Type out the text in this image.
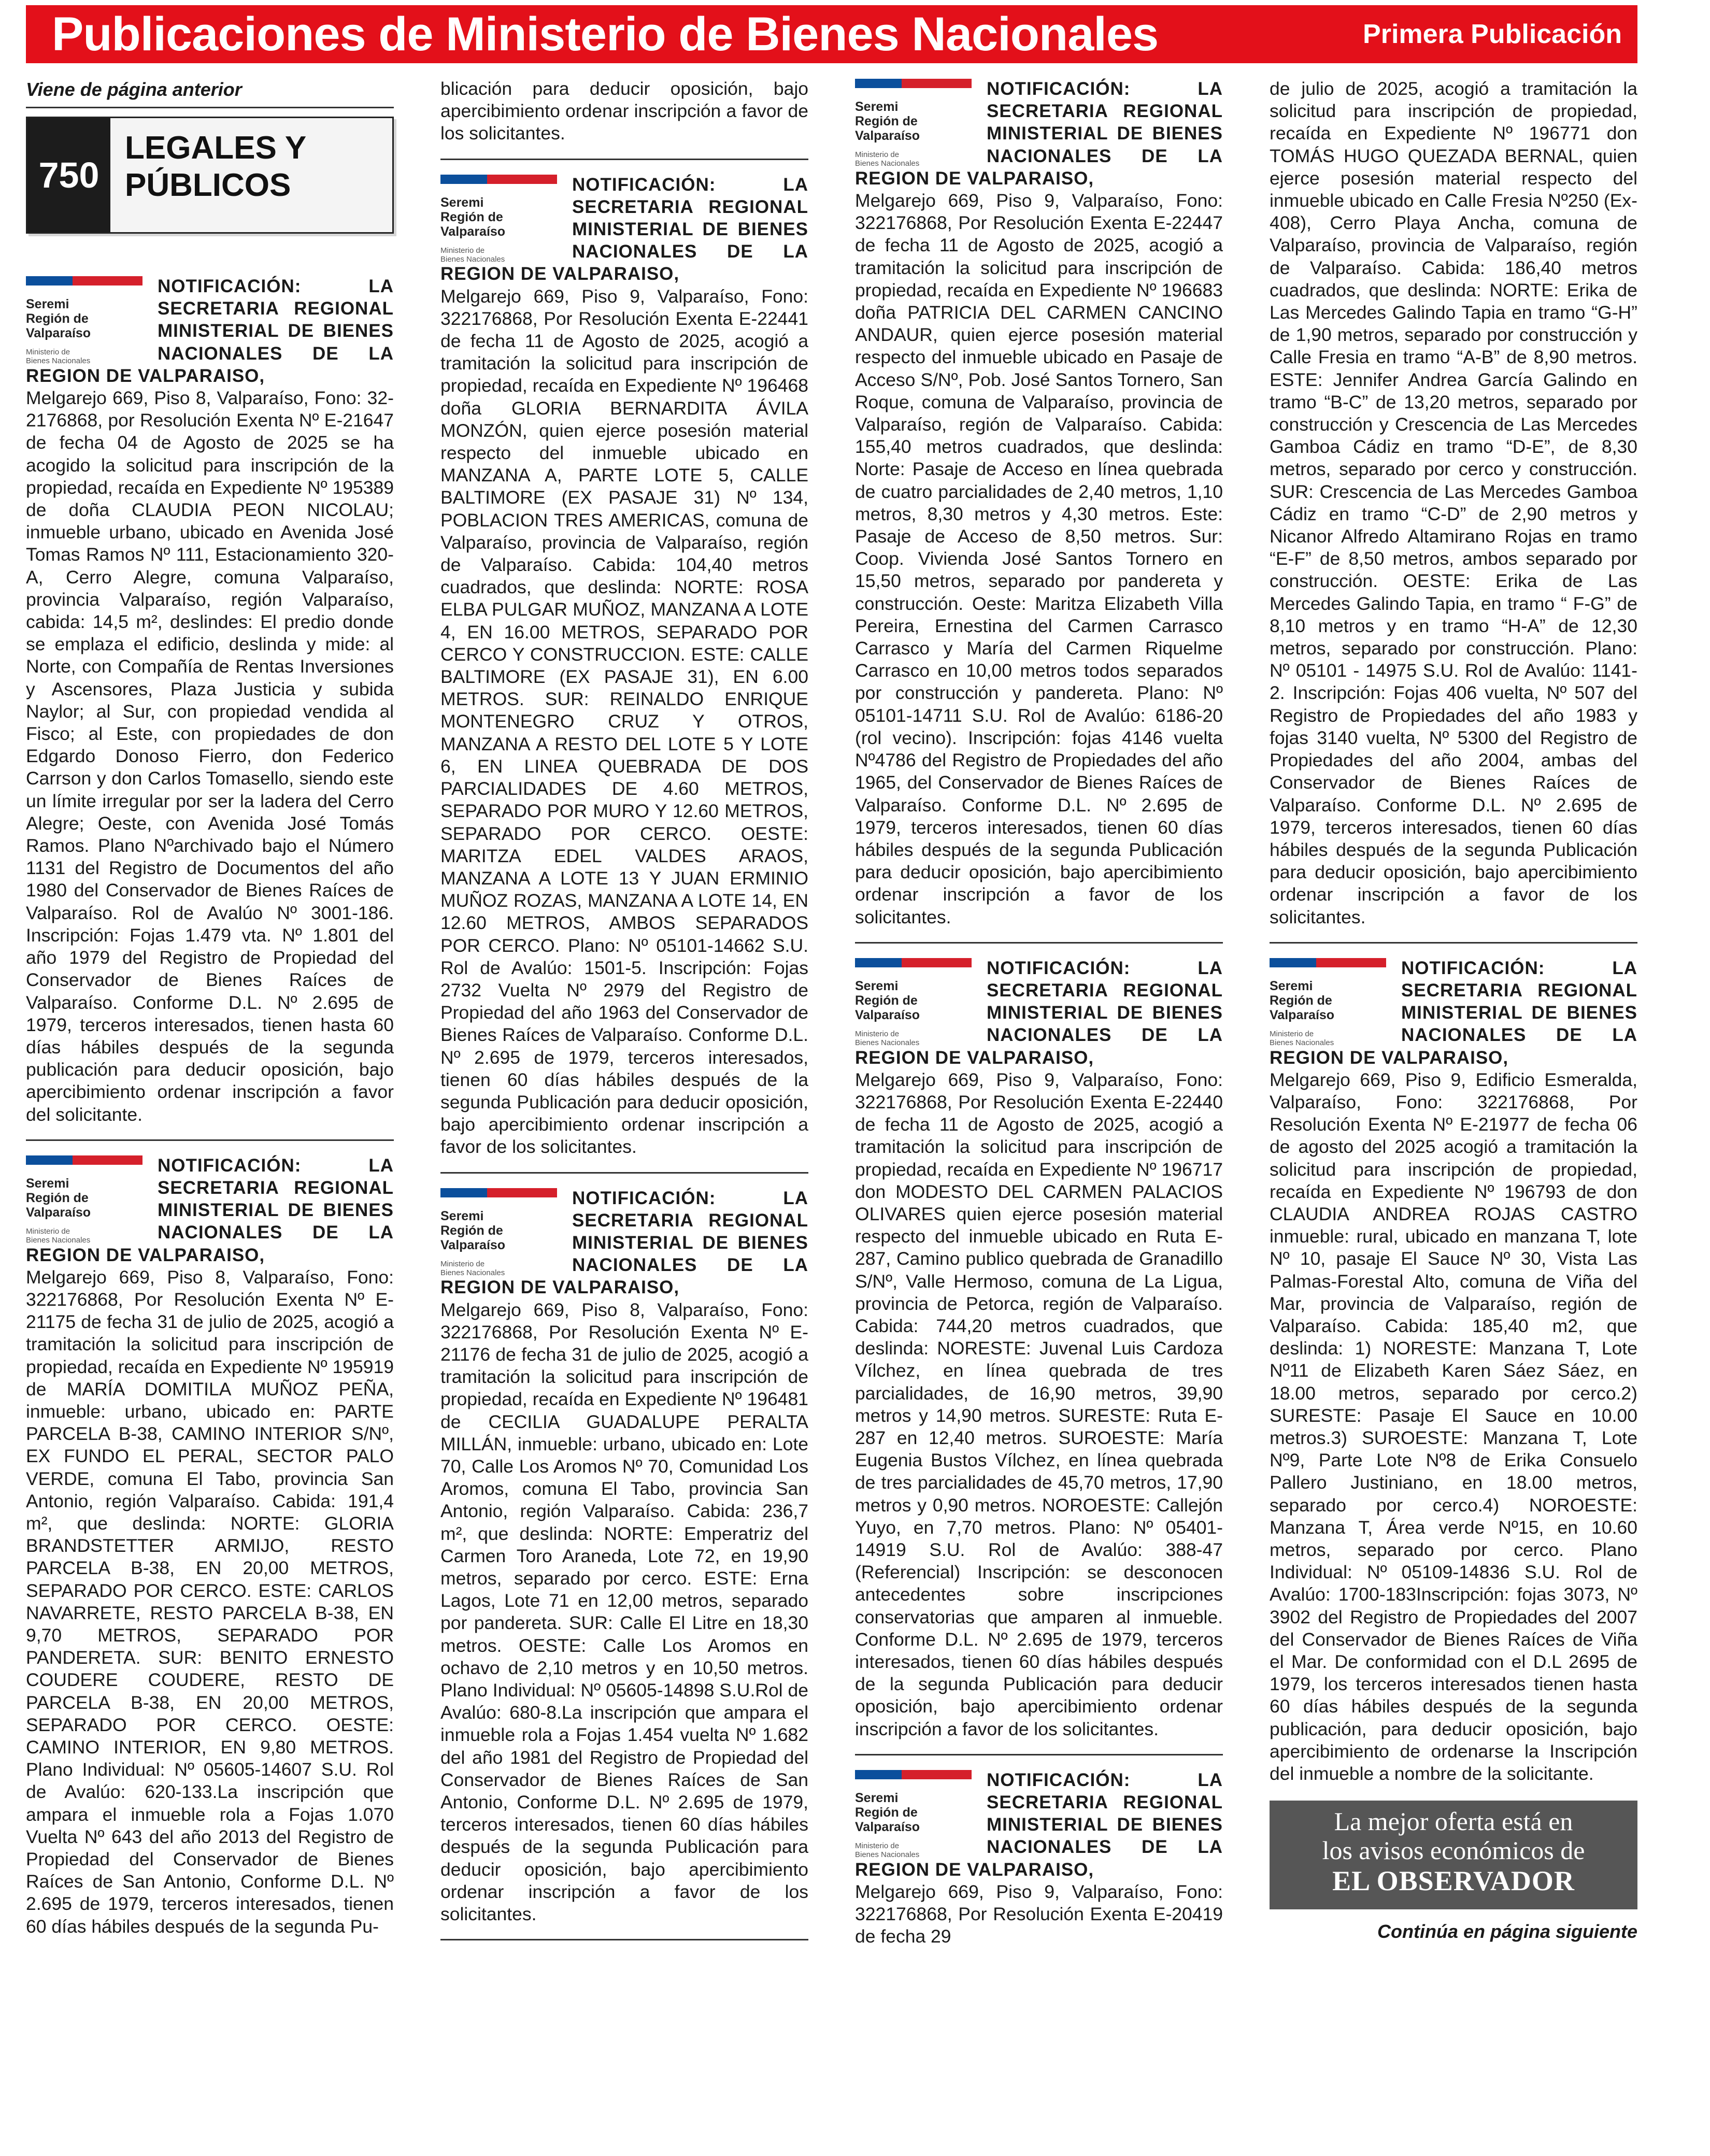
Publicaciones de Ministerio de Bienes Nacionales	Primera Publicación
Viene de página anterior
750
LEGALES Y PÚBLICOS
Seremi
Región de
Valparaíso
Ministerio de
Bienes Nacionales

NOTIFICACIÓN: LA SECRETARIA REGIONAL MINISTERIAL DE BIENES NACIONALES DE LA REGION DE VALPARAISO,

Melgarejo 669, Piso 8, Valparaíso, Fono: 32-2176868, por Resolución Exenta Nº E-21647 de fecha 04 de Agosto de 2025 se ha acogido la solicitud para inscripción de la propiedad, recaída en Expediente Nº 195389 de doña CLAUDIA PEON NICOLAU; inmueble urbano, ubicado en Avenida José Tomas Ramos Nº 111, Estacionamiento 320-A, Cerro Alegre, comuna Valparaíso, provincia Valparaíso, región Valparaíso, cabida: 14,5 m², deslindes: El predio donde se emplaza el edificio, deslinda y mide: al Norte, con Compañía de Rentas Inversiones y Ascensores, Plaza Justicia y subida Naylor; al Sur, con propiedad vendida al Fisco; al Este, con propiedades de don Edgardo Donoso Fierro, don Federico Carrson y don Carlos Tomasello, siendo este un límite irregular por ser la ladera del Cerro Alegre; Oeste, con Avenida José Tomás Ramos. Plano Nºarchivado bajo el Número 1131 del Registro de Documentos del año 1980 del Conservador de Bienes Raíces de Valparaíso. Rol de Avalúo Nº 3001-186. Inscripción: Fojas 1.479 vta. Nº 1.801 del año 1979 del Registro de Propiedad del Conservador de Bienes Raíces de Valparaíso. Conforme D.L. Nº 2.695 de 1979, terceros interesados, tienen hasta 60 días hábiles después de la segunda publicación para deducir oposición, bajo apercibimiento ordenar inscripción a favor del solicitante.

Seremi
Región de
Valparaíso
Ministerio de
Bienes Nacionales

NOTIFICACIÓN: LA SECRETARIA REGIONAL MINISTERIAL DE BIENES NACIONALES DE LA REGION DE VALPARAISO,

Melgarejo 669, Piso 8, Valparaíso, Fono: 322176868, Por Resolución Exenta Nº E-21175 de fecha 31 de julio de 2025, acogió a tramitación la solicitud para inscripción de propiedad, recaída en Expediente Nº 195919 de MARÍA DOMITILA MUÑOZ PEÑA, inmueble: urbano, ubicado en: PARTE PARCELA B-38, CAMINO INTERIOR S/Nº, EX FUNDO EL PERAL, SECTOR PALO VERDE, comuna El Tabo, provincia San Antonio, región Valparaíso. Cabida: 191,4 m², que deslinda: NORTE: GLORIA BRANDSTETTER ARMIJO, RESTO PARCELA B-38, EN 20,00 METROS, SEPARADO POR CERCO. ESTE: CARLOS NAVARRETE, RESTO PARCELA B-38, EN 9,70 METROS, SEPARADO POR PANDERETA. SUR: BENITO ERNESTO COUDERE COUDERE, RESTO DE PARCELA B-38, EN 20,00 METROS, SEPARADO POR CERCO. OESTE: CAMINO INTERIOR, EN 9,80 METROS. Plano Individual: Nº 05605-14607 S.U. Rol de Avalúo: 620-133.La inscripción que ampara el inmueble rola a Fojas 1.070 Vuelta Nº 643 del año 2013 del Registro de Propiedad del Conservador de Bienes Raíces de San Antonio, Conforme D.L. Nº 2.695 de 1979, terceros interesados, tienen 60 días hábiles después de la segunda Pu-

blicación para deducir oposición, bajo apercibimiento ordenar inscripción a favor de los solicitantes.

Seremi
Región de
Valparaíso
Ministerio de
Bienes Nacionales

NOTIFICACIÓN: LA SECRETARIA REGIONAL MINISTERIAL DE BIENES NACIONALES DE LA REGION DE VALPARAISO,

Melgarejo 669, Piso 9, Valparaíso, Fono: 322176868, Por Resolución Exenta E-22441 de fecha 11 de Agosto de 2025, acogió a tramitación la solicitud para inscripción de propiedad, recaída en Expediente Nº 196468 doña GLORIA BERNARDITA ÁVILA MONZÓN, quien ejerce posesión material respecto del inmueble ubicado en MANZANA A, PARTE LOTE 5, CALLE BALTIMORE (EX PASAJE 31) Nº 134, POBLACION TRES AMERICAS, comuna de Valparaíso, provincia de Valparaíso, región de Valparaíso. Cabida: 104,40 metros cuadrados, que deslinda: NORTE: ROSA ELBA PULGAR MUÑOZ, MANZANA A LOTE 4, EN 16.00 METROS, SEPARADO POR CERCO Y CONSTRUCCION. ESTE: CALLE BALTIMORE (EX PASAJE 31), EN 6.00 METROS. SUR: REINALDO ENRIQUE MONTENEGRO CRUZ Y OTROS, MANZANA A RESTO DEL LOTE 5 Y LOTE 6, EN LINEA QUEBRADA DE DOS PARCIALIDADES DE 4.60 METROS, SEPARADO POR MURO Y 12.60 METROS, SEPARADO POR CERCO. OESTE: MARITZA EDEL VALDES ARAOS, MANZANA A LOTE 13 Y JUAN ERMINIO MUÑOZ ROZAS, MANZANA A LOTE 14, EN 12.60 METROS, AMBOS SEPARADOS POR CERCO. Plano: Nº 05101-14662 S.U. Rol de Avalúo: 1501-5. Inscripción: Fojas 2732 Vuelta Nº 2979 del Registro de Propiedad del año 1963 del Conservador de Bienes Raíces de Valparaíso. Conforme D.L. Nº 2.695 de 1979, terceros interesados, tienen 60 días hábiles después de la segunda Publicación para deducir oposición, bajo apercibimiento ordenar inscripción a favor de los solicitantes.

Seremi
Región de
Valparaíso
Ministerio de
Bienes Nacionales

NOTIFICACIÓN: LA SECRETARIA REGIONAL MINISTERIAL DE BIENES NACIONALES DE LA REGION DE VALPARAISO,

Melgarejo 669, Piso 8, Valparaíso, Fono: 322176868, Por Resolución Exenta Nº E-21176 de fecha 31 de julio de 2025, acogió a tramitación la solicitud para inscripción de propiedad, recaída en Expediente Nº 196481 de CECILIA GUADALUPE PERALTA MILLÁN, inmueble: urbano, ubicado en: Lote 70, Calle Los Aromos Nº 70, Comunidad Los Aromos, comuna El Tabo, provincia San Antonio, región Valparaíso. Cabida: 236,7 m², que deslinda: NORTE: Emperatriz del Carmen Toro Araneda, Lote 72, en 19,90 metros, separado por cerco. ESTE: Erna Lagos, Lote 71 en 12,00 metros, separado por pandereta. SUR: Calle El Litre en 18,30 metros. OESTE: Calle Los Aromos en ochavo de 2,10 metros y en 10,50 metros. Plano Individual: Nº 05605-14898 S.U.Rol de Avalúo: 680-8.La inscripción que ampara el inmueble rola a Fojas 1.454 vuelta Nº 1.682 del año 1981 del Registro de Propiedad del Conservador de Bienes Raíces de San Antonio, Conforme D.L. Nº 2.695 de 1979, terceros interesados, tienen 60 días hábiles después de la segunda Publicación para deducir oposición, bajo apercibimiento ordenar inscripción a favor de los solicitantes.

Seremi
Región de
Valparaíso
Ministerio de
Bienes Nacionales

NOTIFICACIÓN: LA SECRETARIA REGIONAL MINISTERIAL DE BIENES NACIONALES DE LA REGION DE VALPARAISO,

Melgarejo 669, Piso 9, Valparaíso, Fono: 322176868, Por Resolución Exenta E-22447 de fecha 11 de Agosto de 2025, acogió a tramitación la solicitud para inscripción de propiedad, recaída en Expediente Nº 196683 doña PATRICIA DEL CARMEN CANCINO ANDAUR, quien ejerce posesión material respecto del inmueble ubicado en Pasaje de Acceso S/Nº, Pob. José Santos Tornero, San Roque, comuna de Valparaíso, provincia de Valparaíso, región de Valparaíso. Cabida: 155,40 metros cuadrados, que deslinda: Norte: Pasaje de Acceso en línea quebrada de cuatro parcialidades de 2,40 metros, 1,10 metros, 8,30 metros y 4,30 metros. Este: Pasaje de Acceso de 8,50 metros. Sur: Coop. Vivienda José Santos Tornero en 15,50 metros, separado por pandereta y construcción. Oeste: Maritza Elizabeth Villa Pereira, Ernestina del Carmen Carrasco Carrasco y María del Carmen Riquelme Carrasco en 10,00 metros todos separados por construcción y pandereta. Plano: Nº 05101-14711 S.U. Rol de Avalúo: 6186-20 (rol vecino). Inscripción: fojas 4146 vuelta Nº4786 del Registro de Propiedades del año 1965, del Conservador de Bienes Raíces de Valparaíso. Conforme D.L. Nº 2.695 de 1979, terceros interesados, tienen 60 días hábiles después de la segunda Publicación para deducir oposición, bajo apercibimiento ordenar inscripción a favor de los solicitantes.

Seremi
Región de
Valparaíso
Ministerio de
Bienes Nacionales

NOTIFICACIÓN: LA SECRETARIA REGIONAL MINISTERIAL DE BIENES NACIONALES DE LA REGION DE VALPARAISO,

Melgarejo 669, Piso 9, Valparaíso, Fono: 322176868, Por Resolución Exenta E-22440 de fecha 11 de Agosto de 2025, acogió a tramitación la solicitud para inscripción de propiedad, recaída en Expediente Nº 196717 don MODESTO DEL CARMEN PALACIOS OLIVARES quien ejerce posesión material respecto del inmueble ubicado en Ruta E-287, Camino publico quebrada de Granadillo S/Nº, Valle Hermoso, comuna de La Ligua, provincia de Petorca, región de Valparaíso. Cabida: 744,20 metros cuadrados, que deslinda: NORESTE: Juvenal Luis Cardoza Vílchez, en línea quebrada de tres parcialidades, de 16,90 metros, 39,90 metros y 14,90 metros. SURESTE: Ruta E-287 en 12,40 metros. SUROESTE: María Eugenia Bustos Vílchez, en línea quebrada de tres parcialidades de 45,70 metros, 17,90 metros y 0,90 metros. NOROESTE: Callejón Yuyo, en 7,70 metros. Plano: Nº 05401-14919 S.U. Rol de Avalúo: 388-47 (Referencial) Inscripción: se desconocen antecedentes sobre inscripciones conservatorias que amparen al inmueble. Conforme D.L. Nº 2.695 de 1979, terceros interesados, tienen 60 días hábiles después de la segunda Publicación para deducir oposición, bajo apercibimiento ordenar inscripción a favor de los solicitantes.

Seremi
Región de
Valparaíso
Ministerio de
Bienes Nacionales

NOTIFICACIÓN: LA SECRETARIA REGIONAL MINISTERIAL DE BIENES NACIONALES DE LA REGION DE VALPARAISO,

Melgarejo 669, Piso 9, Valparaíso, Fono: 322176868, Por Resolución Exenta E-20419 de fecha 29

de julio de 2025, acogió a tramitación la solicitud para inscripción de propiedad, recaída en Expediente Nº 196771 don TOMÁS HUGO QUEZADA BERNAL, quien ejerce posesión material respecto del inmueble ubicado en Calle Fresia Nº250 (Ex-408), Cerro Playa Ancha, comuna de Valparaíso, provincia de Valparaíso, región de Valparaíso. Cabida: 186,40 metros cuadrados, que deslinda: NORTE: Erika de Las Mercedes Galindo Tapia en tramo “G-H” de 1,90 metros, separado por construcción y Calle Fresia en tramo “A-B” de 8,90 metros. ESTE: Jennifer Andrea García Galindo en tramo “B-C” de 13,20 metros, separado por construcción y Crescencia de Las Mercedes Gamboa Cádiz en tramo “D-E”, de 8,30 metros, separado por cerco y construcción. SUR: Crescencia de Las Mercedes Gamboa Cádiz en tramo “C-D” de 2,90 metros y Nicanor Alfredo Altamirano Rojas en tramo “E-F” de 8,50 metros, ambos separado por construcción. OESTE: Erika de Las Mercedes Galindo Tapia, en tramo “ F-G” de 8,10 metros y en tramo “H-A” de 12,30 metros, separado por construcción. Plano: Nº 05101 - 14975 S.U. Rol de Avalúo: 1141-2. Inscripción: Fojas 406 vuelta, Nº 507 del Registro de Propiedades del año 1983 y fojas 3140 vuelta, Nº 5300 del Registro de Propiedades del año 2004, ambas del Conservador de Bienes Raíces de Valparaíso. Conforme D.L. Nº 2.695 de 1979, terceros interesados, tienen 60 días hábiles después de la segunda Publicación para deducir oposición, bajo apercibimiento ordenar inscripción a favor de los solicitantes.

Seremi
Región de
Valparaíso
Ministerio de
Bienes Nacionales

NOTIFICACIÓN: LA SECRETARIA REGIONAL MINISTERIAL DE BIENES NACIONALES DE LA REGION DE VALPARAISO,

Melgarejo 669, Piso 9, Edificio Esmeralda, Valparaíso, Fono: 322176868, Por Resolución Exenta Nº E-21977 de fecha 06 de agosto del 2025 acogió a tramitación la solicitud para inscripción de propiedad, recaída en Expediente Nº 196793 de don CLAUDIA ANDREA ROJAS CASTRO inmueble: rural, ubicado en manzana T, lote Nº 10, pasaje El Sauce Nº 30, Vista Las Palmas-Forestal Alto, comuna de Viña del Mar, provincia de Valparaíso, región de Valparaíso. Cabida: 185,40 m2, que deslinda: 1) NORESTE: Manzana T, Lote Nº11 de Elizabeth Karen Sáez Sáez, en 18.00 metros, separado por cerco.2) SURESTE: Pasaje El Sauce en 10.00 metros.3) SUROESTE: Manzana T, Lote Nº9, Parte Lote Nº8 de Erika Consuelo Pallero Justiniano, en 18.00 metros, separado por cerco.4) NOROESTE: Manzana T, Área verde Nº15, en 10.60 metros, separado por cerco. Plano Individual: Nº 05109-14836 S.U. Rol de Avalúo: 1700-183Inscripción: fojas 3073, Nº 3902 del Registro de Propiedades del 2007 del Conservador de Bienes Raíces de Viña el Mar. De conformidad con el D.L 2695 de 1979, los terceros interesados tienen hasta 60 días hábiles después de la segunda publicación, para deducir oposición, bajo apercibimiento de ordenarse la Inscripción del inmueble a nombre de la solicitante.

La mejor oferta está en
los avisos económicos de
EL OBSERVADOR
Continúa en página siguiente
